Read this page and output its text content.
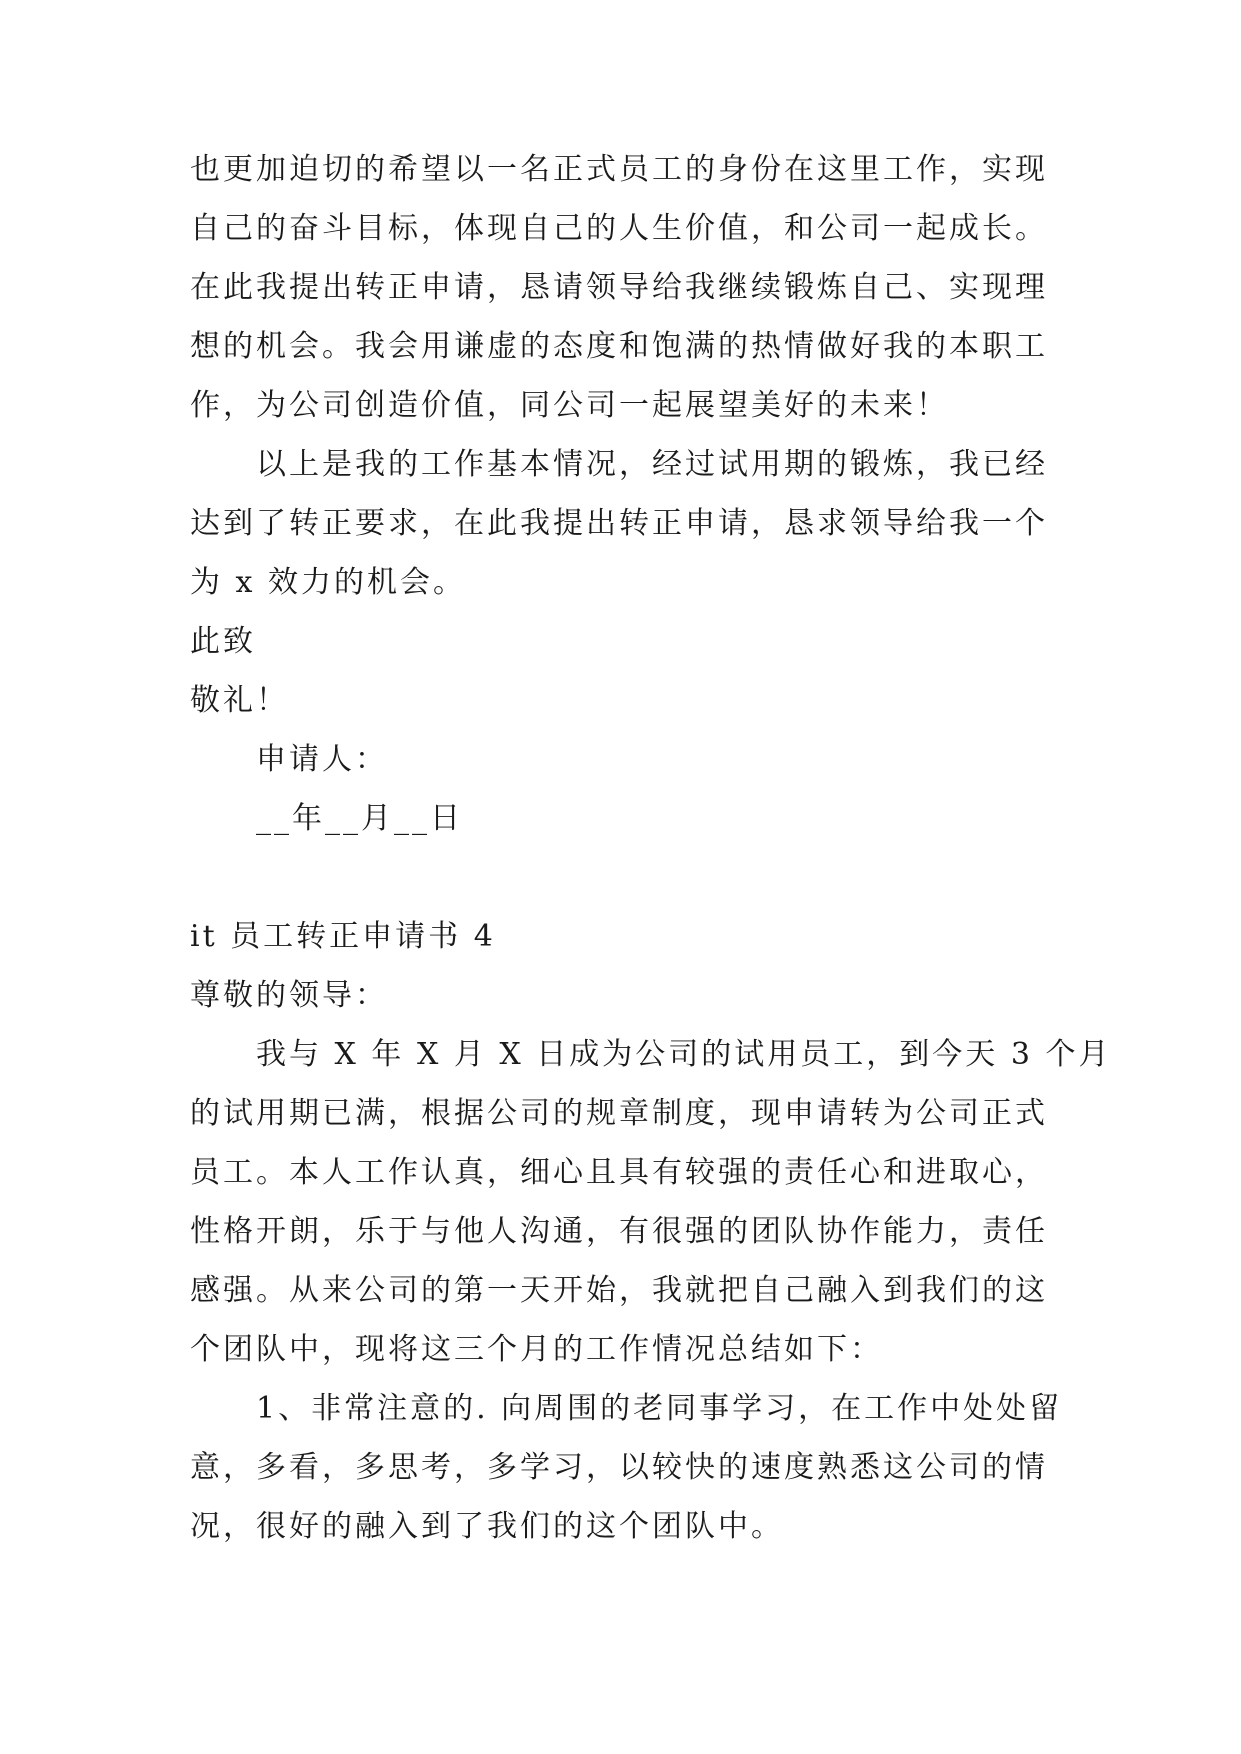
也更加迫切的希望以一名正式员工的身份在这里工作，实现
自己的奋斗目标，体现自己的人生价值，和公司一起成长。
在此我提出转正申请，恳请领导给我继续锻炼自己、实现理
想的机会。我会用谦虚的态度和饱满的热情做好我的本职工
作，为公司创造价值，同公司一起展望美好的未来！
以上是我的工作基本情况，经过试用期的锻炼，我已经
达到了转正要求，在此我提出转正申请，恳求领导给我一个
为 x 效力的机会。
此致
敬礼！
申请人：
__年__月__日
it 员工转正申请书 4
尊敬的领导：
我与 X 年 X 月 X 日成为公司的试用员工，到今天 3 个月
的试用期已满，根据公司的规章制度，现申请转为公司正式
员工。本人工作认真，细心且具有较强的责任心和进取心，
性格开朗，乐于与他人沟通，有很强的团队协作能力，责任
感强。从来公司的第一天开始，我就把自己融入到我们的这
个团队中，现将这三个月的工作情况总结如下：
1、非常注意的. 向周围的老同事学习，在工作中处处留
意，多看，多思考，多学习，以较快的速度熟悉这公司的情
况，很好的融入到了我们的这个团队中。
